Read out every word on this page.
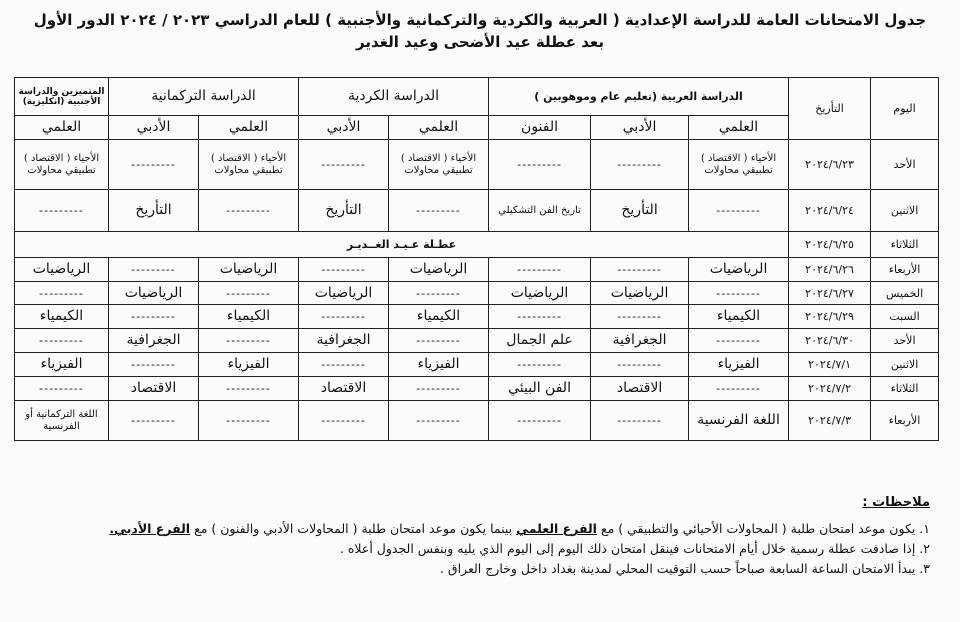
جدول الامتحانات العامة للدراسة الإعدادية ( العربية والكردية والتركمانية والأجنبية ) للعام الدراسي ٢٠٢٣ / ٢٠٢٤ الدور الأول
بعد عطلة عيد الأضحى وعيد الغدير
اليوم	التأريخ	الدراسة العربية (تعليم عام وموهوبين )			الدراسة الكردية		الدراسة التركمانية		المتميزين والدراسة الأجنبية (انكليزية)
		العلمي	الأدبي	الفنون	العلمي	الأدبي	العلمي	الأدبي	العلمي
الأحد	٢٠٢٤/٦/٢٣	الأحياء ( الاقتصاد ) تطبيقي محاولات	---------	---------	الأحياء ( الاقتصاد ) تطبيقي محاولات	---------	الأحياء ( الاقتصاد ) تطبيقي محاولات	---------	الأحياء ( الاقتصاد ) تطبيقي محاولات
الاثنين	٢٠٢٤/٦/٢٤	---------	التأريخ	تاريخ الفن التشكيلي	---------	التأريخ	---------	التأريخ	---------
الثلاثاء	٢٠٢٤/٦/٢٥	عطـلة عـيـد الغــديـر							
الأربعاء	٢٠٢٤/٦/٢٦	الرياضيات	---------	---------	الرياضيات	---------	الرياضيات	---------	الرياضيات
الخميس	٢٠٢٤/٦/٢٧	---------	الرياضيات	الرياضيات	---------	الرياضيات	---------	الرياضيات	---------
السبت	٢٠٢٤/٦/٢٩	الكيمياء	---------	---------	الكيمياء	---------	الكيمياء	---------	الكيمياء
الأحد	٢٠٢٤/٦/٣٠	---------	الجغرافية	علم الجمال	---------	الجغرافية	---------	الجغرافية	---------
الاثنين	٢٠٢٤/٧/١	الفيزياء	---------	---------	الفيزياء	---------	الفيزياء	---------	الفيزياء
الثلاثاء	٢٠٢٤/٧/٢	---------	الاقتصاد	الفن البيئي	---------	الاقتصاد	---------	الاقتصاد	---------
الأربعاء	٢٠٢٤/٧/٣	اللغة الفرنسية	---------	---------	---------	---------	---------	---------	اللغة التركمانية أو الفرنسية
ملاحظات :
١. يكون موعد امتحان طلبة ( المحاولات الأحيائي والتطبيقي ) مع الفرع العلمي بينما يكون موعد امتحان طلبة ( المحاولات الأدبي والفنون ) مع الفرع الأدبي.
٢. إذا صادفت عطلة رسمية خلال أيام الامتحانات فينقل امتحان ذلك اليوم إلى اليوم الذي يليه وبنفس الجدول أعلاه .
٣. يبدأ الامتحان الساعة السابعة صباحاً حسب التوقيت المحلي لمدينة بغداد داخل وخارج العراق .
